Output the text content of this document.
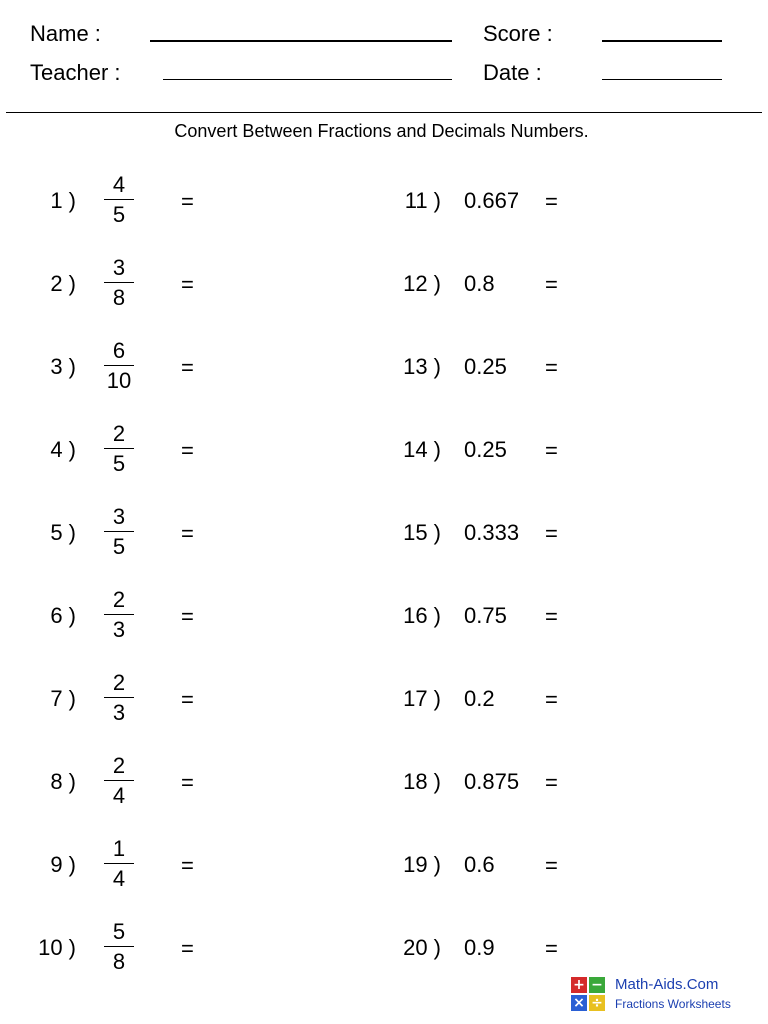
Name :
Teacher :
Score :
Date :
Convert Between Fractions and Decimals Numbers.
1 )
4
5
=
2 )
3
8
=
3 )
6
10
=
4 )
2
5
=
5 )
3
5
=
6 )
2
3
=
7 )
2
3
=
8 )
2
4
=
9 )
1
4
=
10 )
5
8
=
11 ) 0.667 =
12 ) 0.8 =
13 ) 0.25 =
14 ) 0.25 =
15 ) 0.333 =
16 ) 0.75 =
17 ) 0.2 =
18 ) 0.875 =
19 ) 0.6 =
20 ) 0.9 =
+ −
× ÷
Math-Aids.Com
Fractions Worksheets
